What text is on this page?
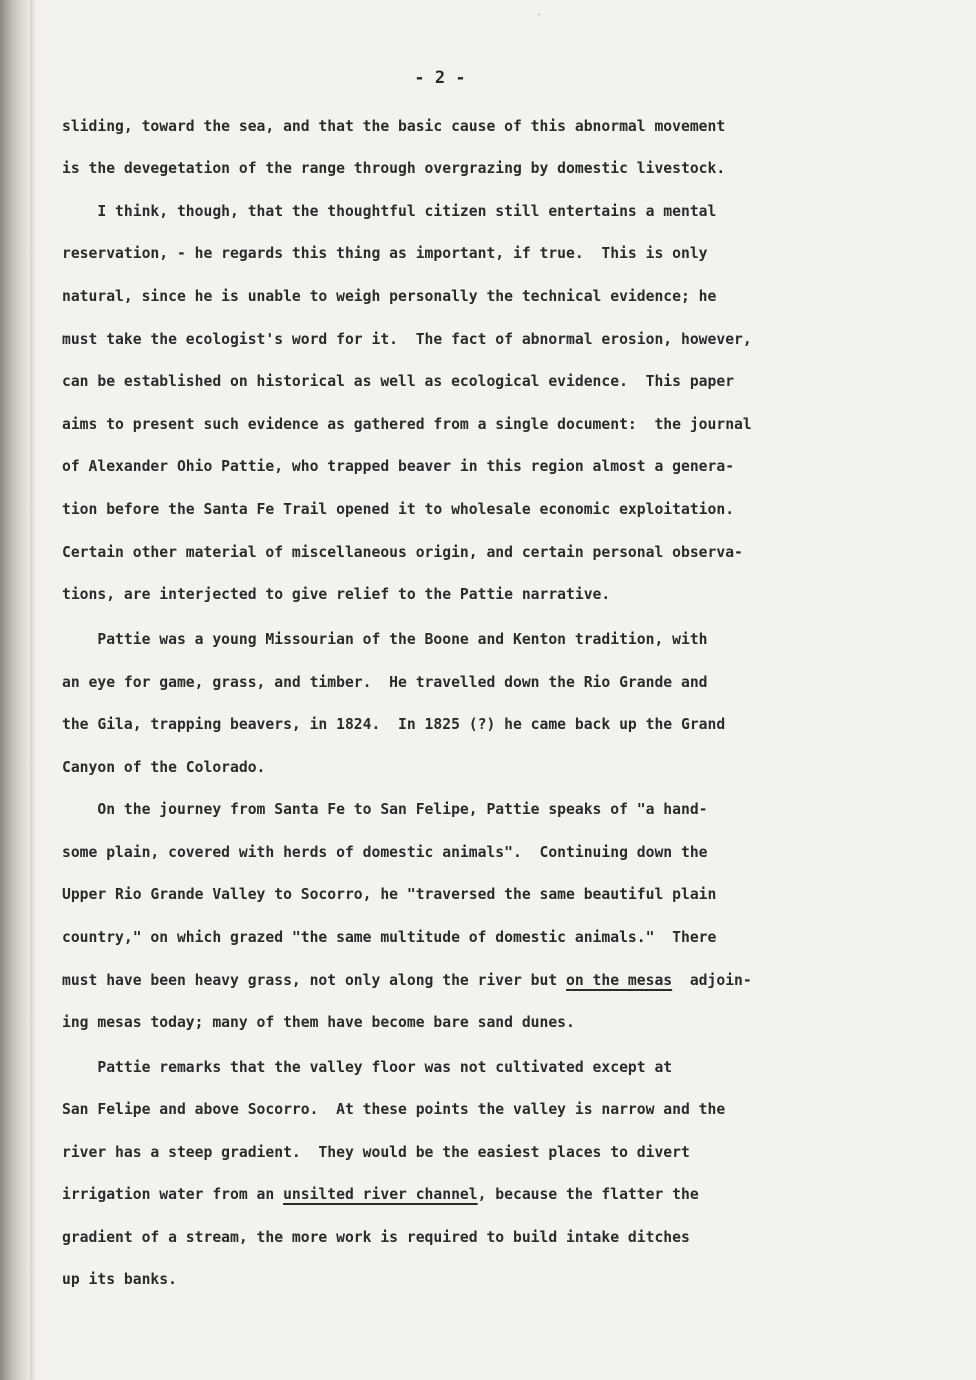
ˇ
- 2 -
sliding, toward the sea, and that the basic cause of this abnormal movement
is the devegetation of the range through overgrazing by domestic livestock.
I think, though, that the thoughtful citizen still entertains a mental
reservation, - he regards this thing as important, if true.  This is only
natural, since he is unable to weigh personally the technical evidence; he
must take the ecologist's word for it.  The fact of abnormal erosion, however,
can be established on historical as well as ecological evidence.  This paper
aims to present such evidence as gathered from a single document:  the journal
of Alexander Ohio Pattie, who trapped beaver in this region almost a genera-
tion before the Santa Fe Trail opened it to wholesale economic exploitation.
Certain other material of miscellaneous origin, and certain personal observa-
tions, are interjected to give relief to the Pattie narrative.
Pattie was a young Missourian of the Boone and Kenton tradition, with
an eye for game, grass, and timber.  He travelled down the Rio Grande and
the Gila, trapping beavers, in 1824.  In 1825 (?) he came back up the Grand
Canyon of the Colorado.
On the journey from Santa Fe to San Felipe, Pattie speaks of "a hand-
some plain, covered with herds of domestic animals".  Continuing down the
Upper Rio Grande Valley to Socorro, he "traversed the same beautiful plain
country," on which grazed "the same multitude of domestic animals."  There
must have been heavy grass, not only along the river but on the mesas  adjoin-
ing mesas today; many of them have become bare sand dunes.
Pattie remarks that the valley floor was not cultivated except at
San Felipe and above Socorro.  At these points the valley is narrow and the
river has a steep gradient.  They would be the easiest places to divert
irrigation water from an unsilted river channel, because the flatter the
gradient of a stream, the more work is required to build intake ditches
up its banks.
